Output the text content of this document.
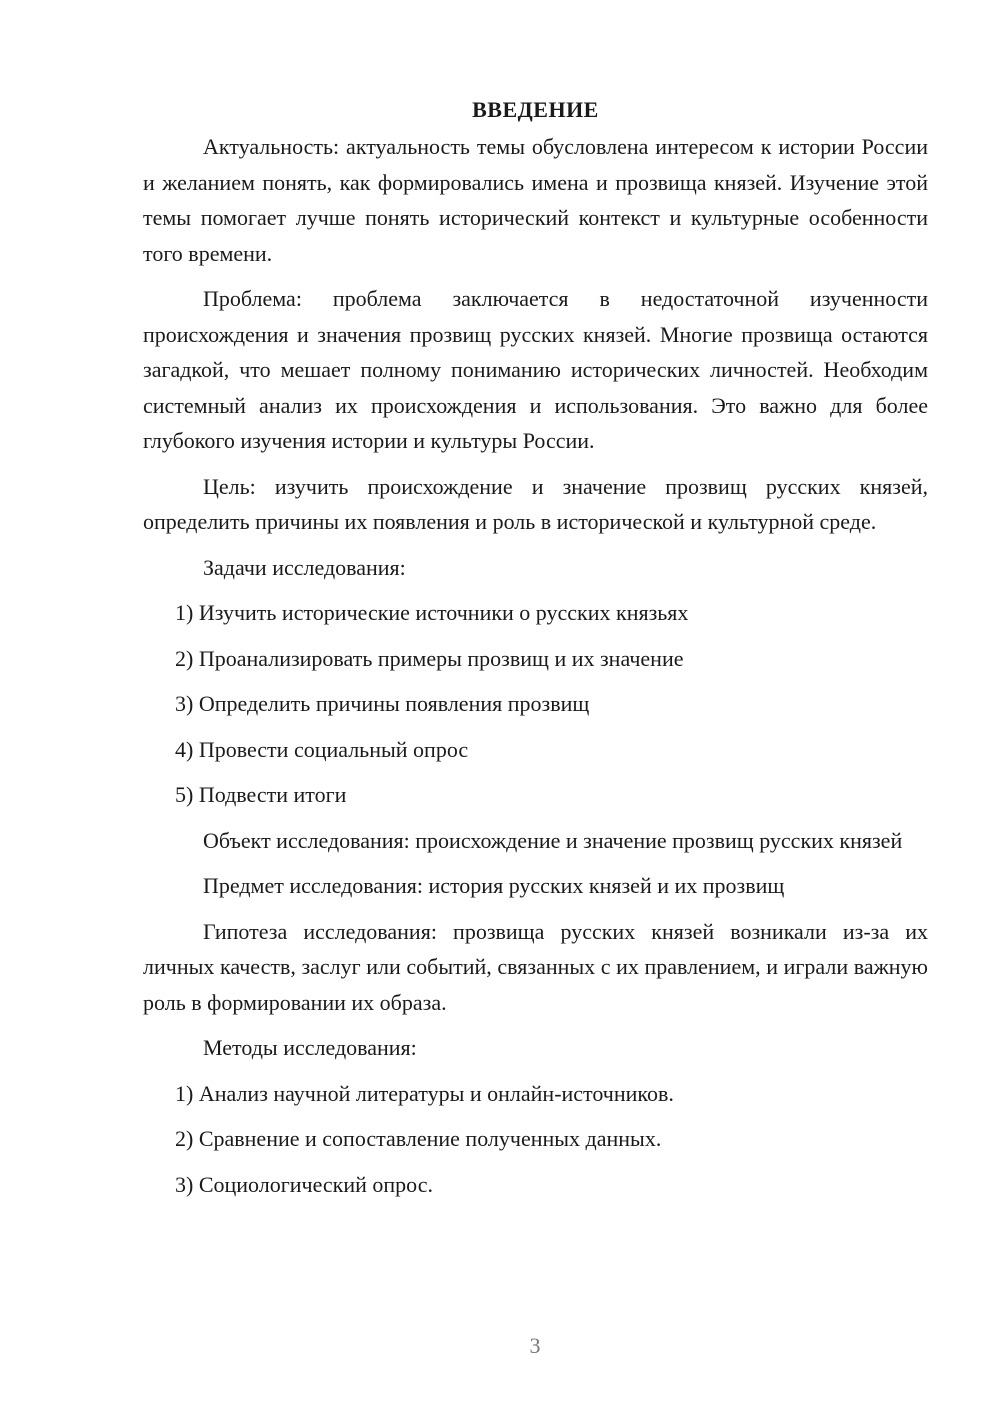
ВВЕДЕНИЕ
Актуальность: актуальность темы обусловлена интересом к истории России и желанием понять, как формировались имена и прозвища князей. Изучение этой темы помогает лучше понять исторический контекст и культурные особенности того времени.
Проблема: проблема заключается в недостаточной изученности происхождения и значения прозвищ русских князей. Многие прозвища остаются загадкой, что мешает полному пониманию исторических личностей. Необходим системный анализ их происхождения и использования. Это важно для более глубокого изучения истории и культуры России.
Цель: изучить происхождение и значение прозвищ русских князей, определить причины их появления и роль в исторической и культурной среде.
Задачи исследования:
1) Изучить исторические источники о русских князьях
2) Проанализировать примеры прозвищ и их значение
3) Определить причины появления прозвищ
4) Провести социальный опрос
5) Подвести итоги
Объект исследования: происхождение и значение прозвищ русских князей
Предмет исследования: история русских князей и их прозвищ
Гипотеза исследования: прозвища русских князей возникали из-за их личных качеств, заслуг или событий, связанных с их правлением, и играли важную роль в формировании их образа.
Методы исследования:
1) Анализ научной литературы и онлайн-источников.
2) Сравнение и сопоставление полученных данных.
3) Социологический опрос.
3
